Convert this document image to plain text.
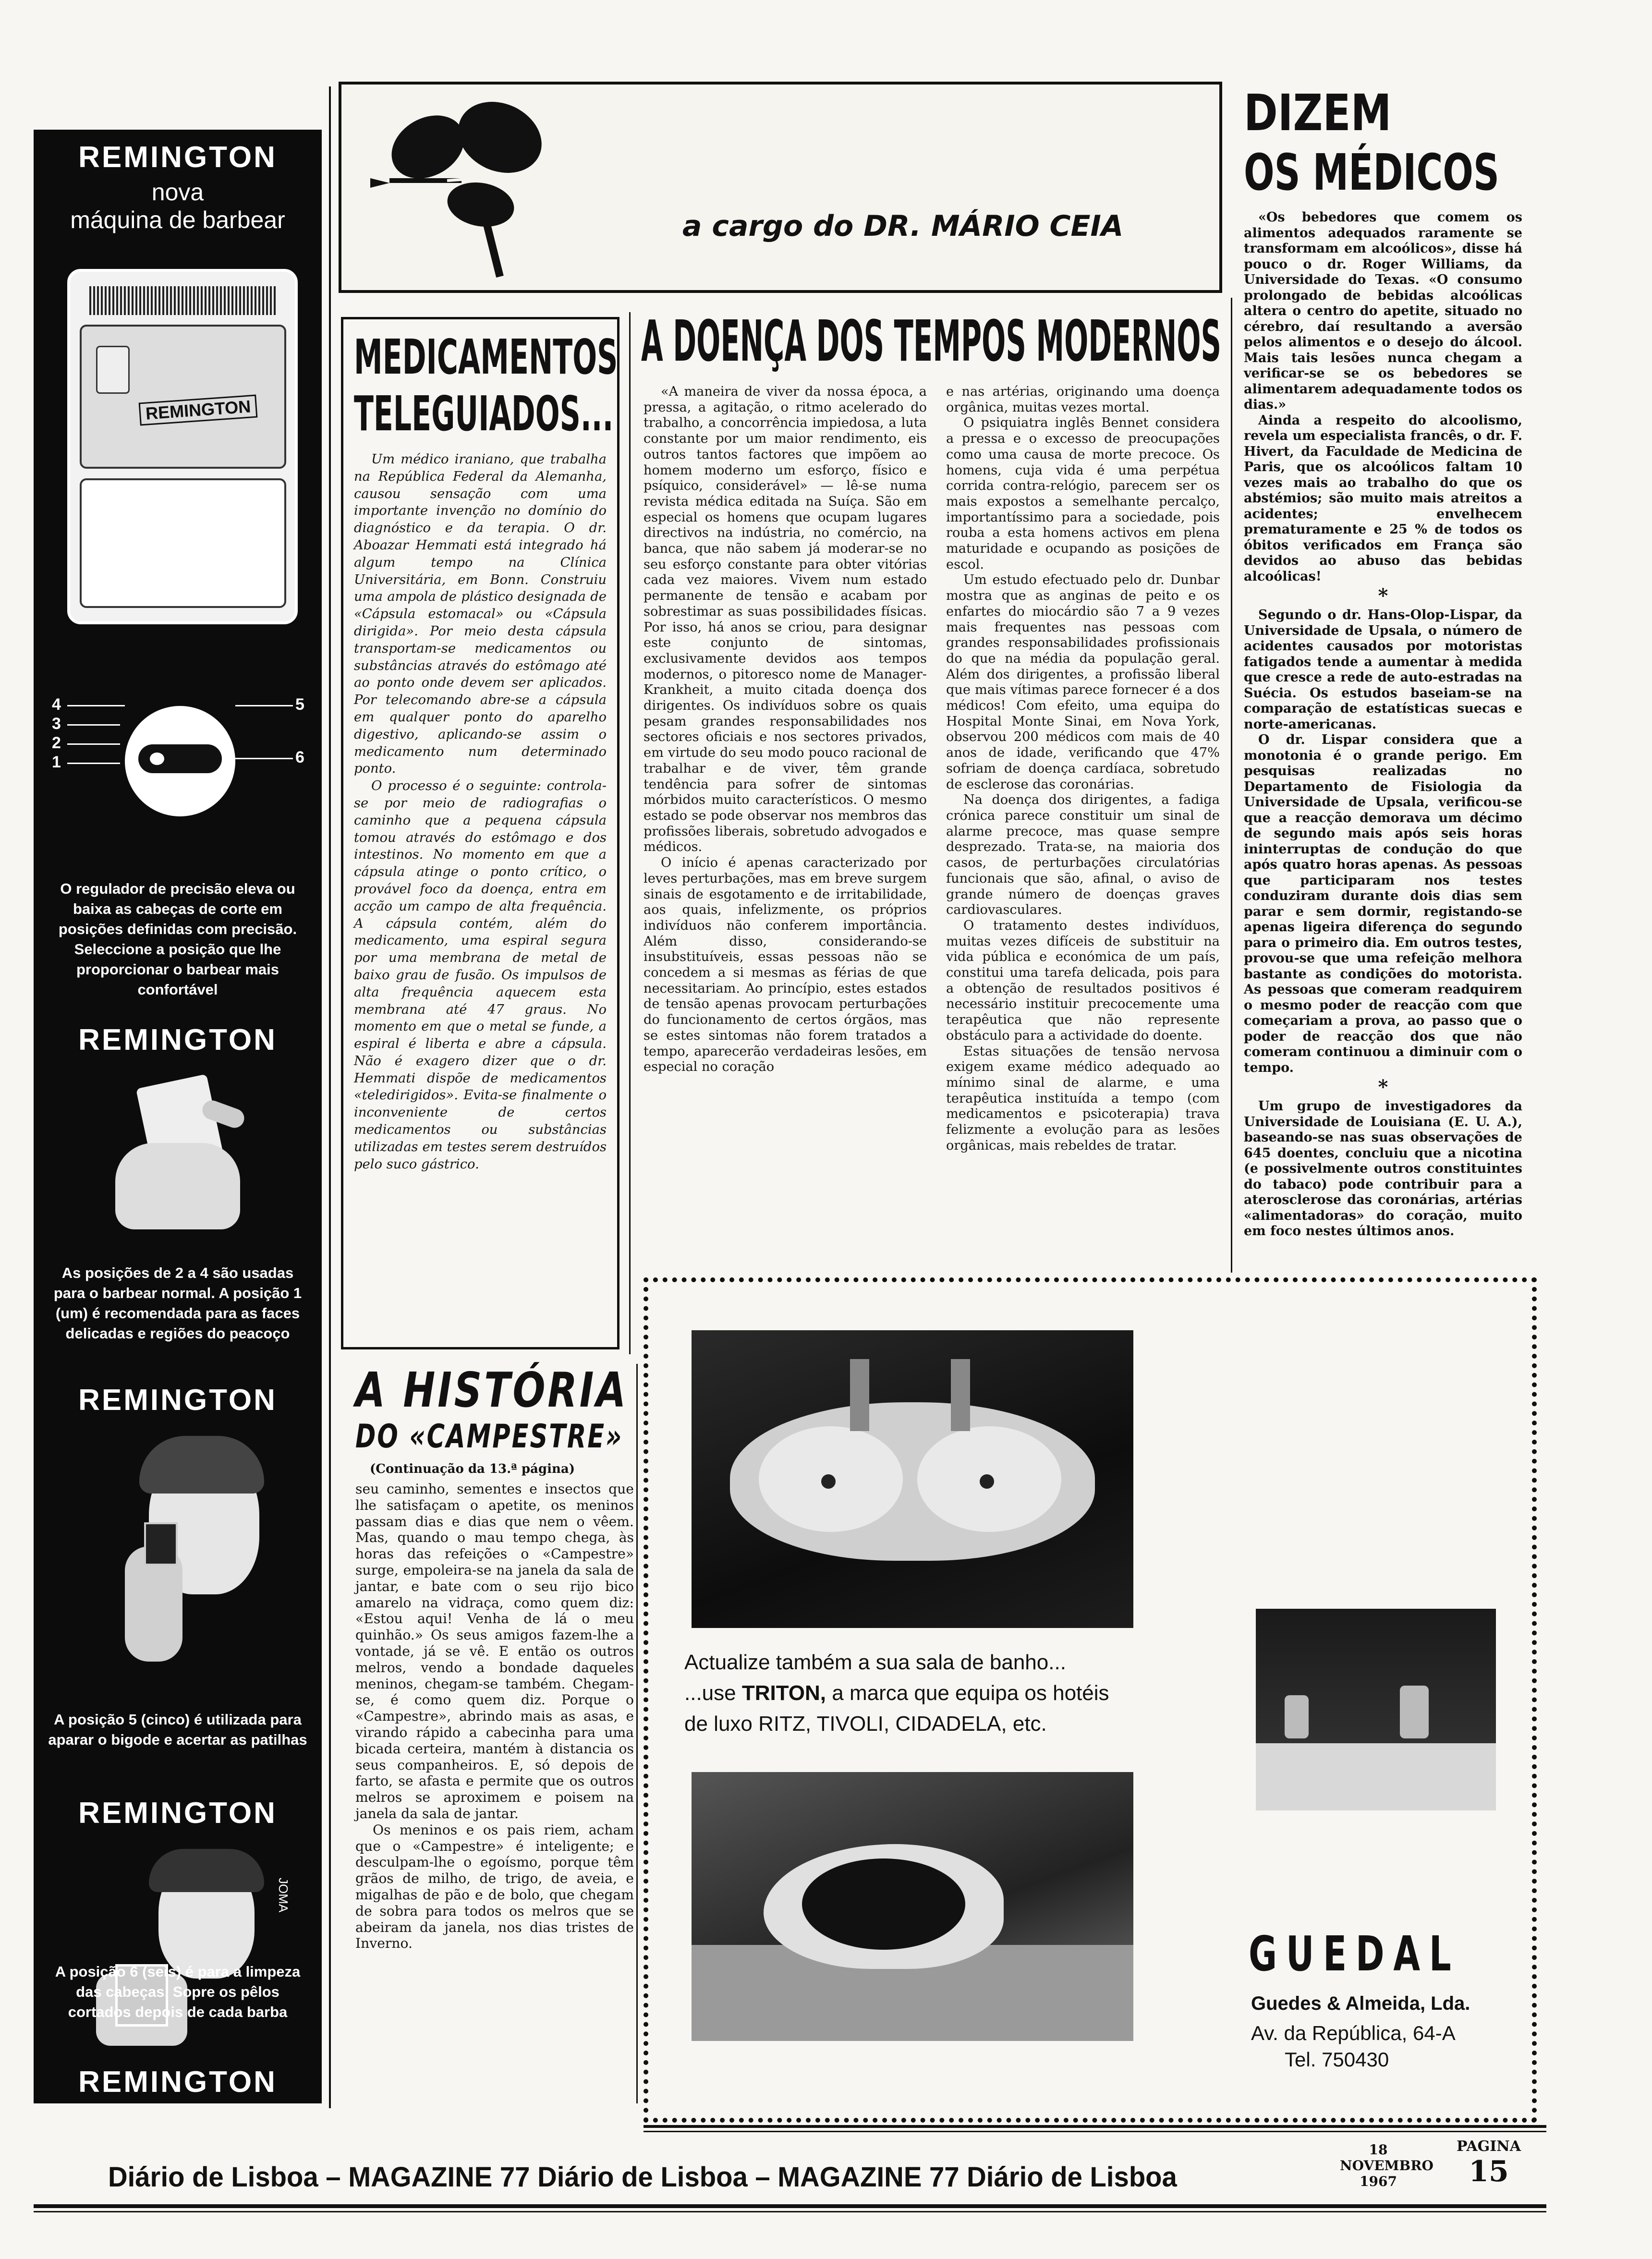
REMINGTON
nova
máquina de barbear
REMINGTON
4
3
2
1
5
6
O regulador de precisão eleva ou baixa as cabeças de corte em posições definidas com precisão. Seleccione a posição que lhe proporcionar o barbear mais confortável
REMINGTON
As posições de 2 a 4 são usadas para o barbear normal. A posição 1 (um) é recomendada para as faces delicadas e regiões do peacoço
REMINGTON
A posição 5 (cinco) é utilizada para aparar o bigode e acertar as patilhas
REMINGTON
JOMA
A posição 6 (seis) é para a limpeza das cabeças. Sopre os pêlos cortados depois de cada barba
REMINGTON
a cargo do DR. MÁRIO CEIA
DIZEM
OS MÉDICOS

«Os bebedores que comem os alimentos adequados raramente se transformam em alcoólicos», disse há pouco o dr. Roger Williams, da Universidade do Texas. «O consumo prolongado de bebidas alcoólicas altera o centro do apetite, situado no cérebro, daí resultando a aversão pelos alimentos e o desejo do álcool. Mais tais lesões nunca chegam a verificar-se se os bebedores se alimentarem adequadamente todos os dias.»

Ainda a respeito do alcoolismo, revela um especialista francês, o dr. F. Hivert, da Faculdade de Medicina de Paris, que os alcoólicos faltam 10 vezes mais ao trabalho do que os abstémios; são muito mais atreitos a acidentes; envelhecem prematuramente e 25 % de todos os óbitos verificados em França são devidos ao abuso das bebidas alcoólicas!

*

Segundo o dr. Hans-Olop-Lispar, da Universidade de Upsala, o número de acidentes causados por motoristas fatigados tende a aumentar à medida que cresce a rede de auto-estradas na Suécia. Os estudos baseiam-se na comparação de estatísticas suecas e norte-americanas.

O dr. Lispar considera que a monotonia é o grande perigo. Em pesquisas realizadas no Departamento de Fisiologia da Universidade de Upsala, verificou-se que a reacção demorava um décimo de segundo mais após seis horas ininterruptas de condução do que após quatro horas apenas. As pessoas que participaram nos testes conduziram durante dois dias sem parar e sem dormir, registando-se apenas ligeira diferença do segundo para o primeiro dia. Em outros testes, provou-se que uma refeição melhora bastante as condições do motorista. As pessoas que comeram readquirem o mesmo poder de reacção com que começariam a prova, ao passo que o poder de reacção dos que não comeram continuou a diminuir com o tempo.

*

Um grupo de investigadores da Universidade de Louisiana (E. U. A.), baseando-se nas suas observações de 645 doentes, concluiu que a nicotina (e possivelmente outros constituintes do tabaco) pode contribuir para a aterosclerose das coronárias, artérias «alimentadoras» do coração, muito em foco nestes últimos anos.

MEDICAMENTOS
TELEGUIADOS...

Um médico iraniano, que trabalha na República Federal da Alemanha, causou sensação com uma importante invenção no domínio do diagnóstico e da terapia. O dr. Aboazar Hemmati está integrado há algum tempo na Clínica Universitária, em Bonn. Construiu uma ampola de plástico designada de «Cápsula estomacal» ou «Cápsula dirigida». Por meio desta cápsula transportam-se medicamentos ou substâncias através do estômago até ao ponto onde devem ser aplicados. Por telecomando abre-se a cápsula em qualquer ponto do aparelho digestivo, aplicando-se assim o medicamento num determinado ponto.

O processo é o seguinte: controla-se por meio de radiografias o caminho que a pequena cápsula tomou através do estômago e dos intestinos. No momento em que a cápsula atinge o ponto crítico, o provável foco da doença, entra em acção um campo de alta frequência. A cápsula contém, além do medicamento, uma espiral segura por uma membrana de metal de baixo grau de fusão. Os impulsos de alta frequência aquecem esta membrana até 47 graus. No momento em que o metal se funde, a espiral é liberta e abre a cápsula. Não é exagero dizer que o dr. Hemmati dispõe de medicamentos «teledirigidos». Evita-se finalmente o inconveniente de certos medicamentos ou substâncias utilizadas em testes serem destruídos pelo suco gástrico.

A DOENÇA DOS TEMPOS MODERNOS

«A maneira de viver da nossa época, a pressa, a agitação, o ritmo acelerado do trabalho, a concorrência impiedosa, a luta constante por um maior rendimento, eis outros tantos factores que impõem ao homem moderno um esforço, físico e psíquico, considerável» — lê-se numa revista médica editada na Suíça. São em especial os homens que ocupam lugares directivos na indústria, no comércio, na banca, que não sabem já moderar-se no seu esforço constante para obter vitórias cada vez maiores. Vivem num estado permanente de tensão e acabam por sobrestimar as suas possibilidades físicas. Por isso, há anos se criou, para designar este conjunto de sintomas, exclusivamente devidos aos tempos modernos, o pitoresco nome de Manager-Krankheit, a muito citada doença dos dirigentes. Os indivíduos sobre os quais pesam grandes responsabilidades nos sectores oficiais e nos sectores privados, em virtude do seu modo pouco racional de trabalhar e de viver, têm grande tendência para sofrer de sintomas mórbidos muito característicos. O mesmo estado se pode observar nos membros das profissões liberais, sobretudo advogados e médicos.

O início é apenas caracterizado por leves perturbações, mas em breve surgem sinais de esgotamento e de irritabilidade, aos quais, infelizmente, os próprios indivíduos não conferem importância. Além disso, considerando-se insubstituíveis, essas pessoas não se concedem a si mesmas as férias de que necessitariam. Ao princípio, estes estados de tensão apenas provocam perturbações do funcionamento de certos órgãos, mas se estes sintomas não forem tratados a tempo, aparecerão verdadeiras lesões, em especial no coração

e nas artérias, originando uma doença orgânica, muitas vezes mortal.

O psiquiatra inglês Bennet considera a pressa e o excesso de preocupações como uma causa de morte precoce. Os homens, cuja vida é uma perpétua corrida contra-relógio, parecem ser os mais expostos a semelhante percalço, importantíssimo para a sociedade, pois rouba a esta homens activos em plena maturidade e ocupando as posições de escol.

Um estudo efectuado pelo dr. Dunbar mostra que as anginas de peito e os enfartes do miocárdio são 7 a 9 vezes mais frequentes nas pessoas com grandes responsabilidades profissionais do que na média da população geral. Além dos dirigentes, a profissão liberal que mais vítimas parece fornecer é a dos médicos! Com efeito, uma equipa do Hospital Monte Sinai, em Nova York, observou 200 médicos com mais de 40 anos de idade, verificando que 47% sofriam de doença cardíaca, sobretudo de esclerose das coronárias.

Na doença dos dirigentes, a fadiga crónica parece constituir um sinal de alarme precoce, mas quase sempre desprezado. Trata-se, na maioria dos casos, de perturbações circulatórias funcionais que são, afinal, o aviso de grande número de doenças graves cardiovasculares.

O tratamento destes indivíduos, muitas vezes difíceis de substituir na vida pública e económica de um país, constitui uma tarefa delicada, pois para a obtenção de resultados positivos é necessário instituir precocemente uma terapêutica que não represente obstáculo para a actividade do doente.

Estas situações de tensão nervosa exigem exame médico adequado ao mínimo sinal de alarme, e uma terapêutica instituída a tempo (com medicamentos e psicoterapia) trava felizmente a evolução para as lesões orgânicas, mais rebeldes de tratar.

A HISTÓRIA
DO «CAMPESTRE»
(Continuação da 13.ª página)

seu caminho, sementes e insectos que lhe satisfaçam o apetite, os meninos passam dias e dias que nem o vêem. Mas, quando o mau tempo chega, às horas das refeições o «Campestre» surge, empoleira-se na janela da sala de jantar, e bate com o seu rijo bico amarelo na vidraça, como quem diz: «Estou aqui! Venha de lá o meu quinhão.» Os seus amigos fazem-lhe a vontade, já se vê. E então os outros melros, vendo a bondade daqueles meninos, chegam-se também. Chegam-se, é como quem diz. Porque o «Campestre», abrindo mais as asas, e virando rápido a cabecinha para uma bicada certeira, mantém à distancia os seus companheiros. E, só depois de farto, se afasta e permite que os outros melros se aproximem e poisem na janela da sala de jantar.

Os meninos e os pais riem, acham que o «Campestre» é inteligente; e desculpam-lhe o egoísmo, porque têm grãos de milho, de trigo, de aveia, e migalhas de pão e de bolo, que chegam de sobra para todos os melros que se abeiram da janela, nos dias tristes de Inverno.

Actualize também a sua sala de banho...
...use TRITON, a marca que equipa os hotéis
de luxo RITZ, TIVOLI, CIDADELA, etc.
GUEDAL
Guedes & Almeida, Lda.
Av. da República, 64-A
Tel. 750430
Diário de Lisboa – MAGAZINE 77 Diário de Lisboa – MAGAZINE 77 Diário de Lisboa
18
NOVEMBRO
1967
PAGINA
15
